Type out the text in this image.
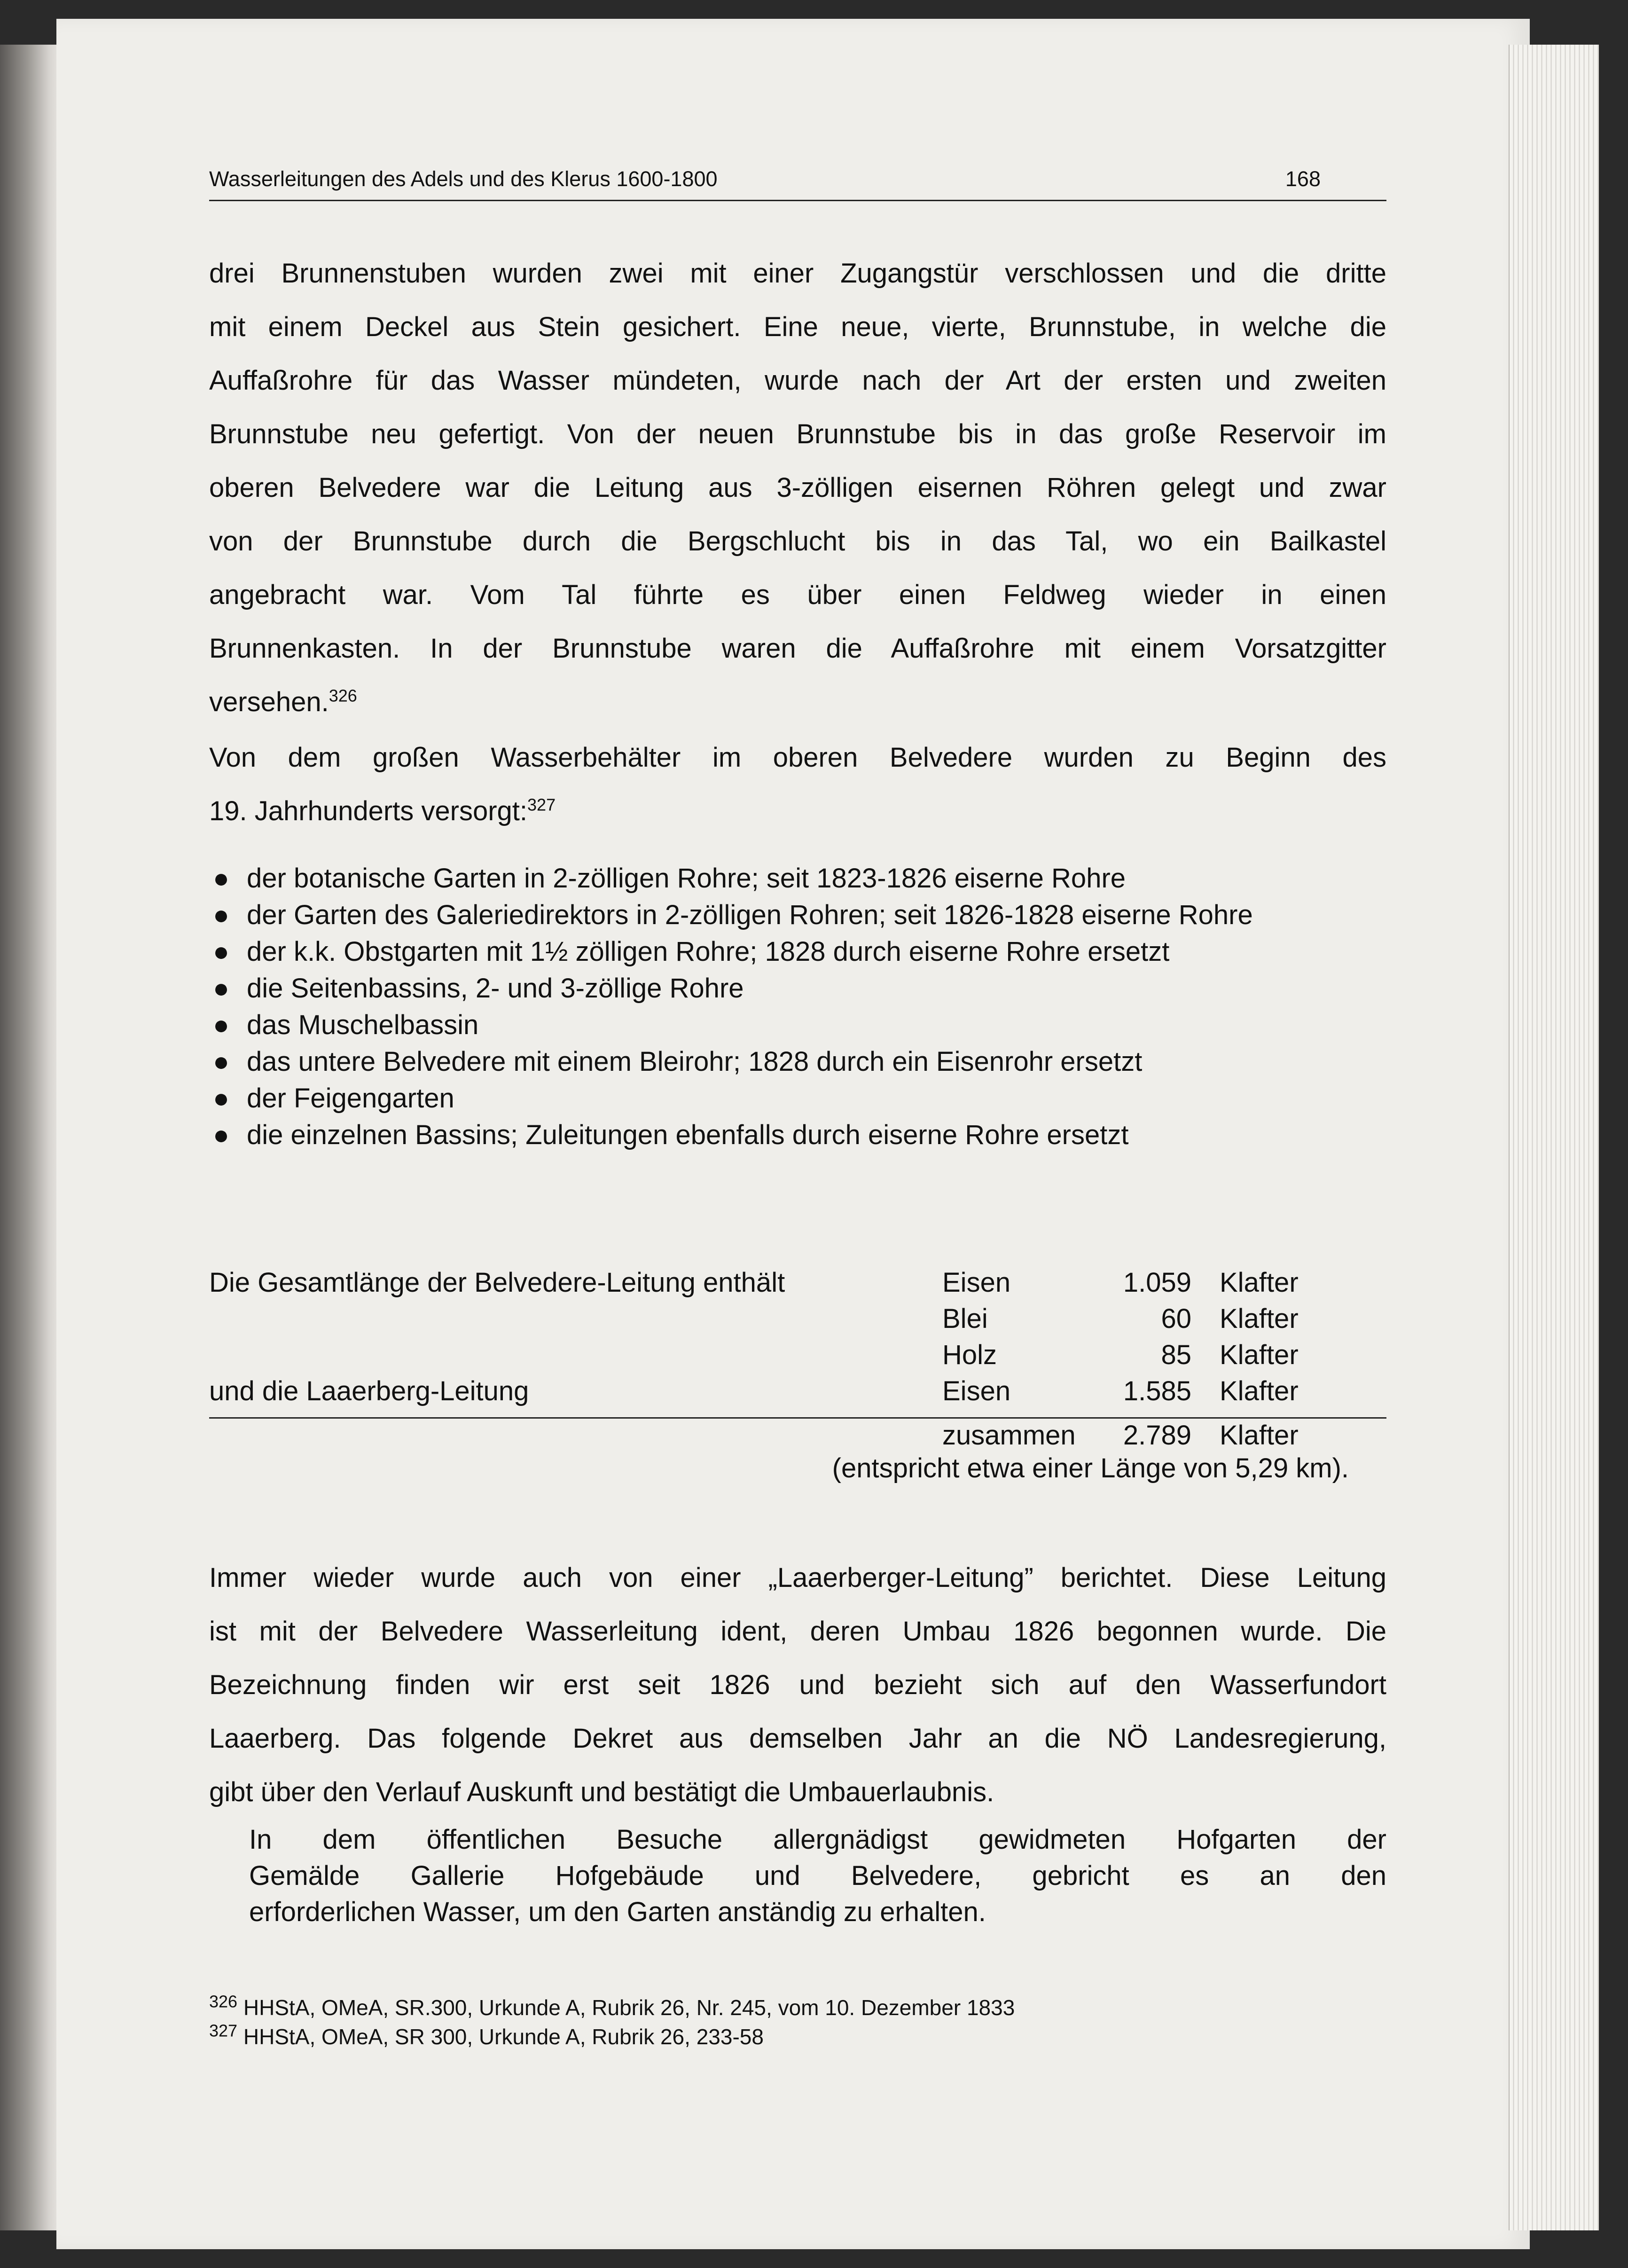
Wasserleitungen des Adels und des Klerus 1600-1800	168
drei Brunnenstuben wurden zwei mit einer Zugangstür verschlossen und die dritte
mit einem Deckel aus Stein gesichert. Eine neue, vierte, Brunnstube, in welche die
Auffaßrohre für das Wasser mündeten, wurde nach der Art der ersten und zweiten
Brunnstube neu gefertigt. Von der neuen Brunnstube bis in das große Reservoir im
oberen Belvedere war die Leitung aus 3-zölligen eisernen Röhren gelegt und zwar
von der Brunnstube durch die Bergschlucht bis in das Tal, wo ein Bailkastel
angebracht war. Vom Tal führte es über einen Feldweg wieder in einen
Brunnenkasten. In der Brunnstube waren die Auffaßrohre mit einem Vorsatzgitter
versehen.$^{326}$
Von dem großen Wasserbehälter im oberen Belvedere wurden zu Beginn des
19. Jahrhunderts versorgt:$^{327}$
● der botanische Garten in 2-zölligen Rohre; seit 1823-1826 eiserne Rohre
● der Garten des Galeriedirektors in 2-zölligen Rohren; seit 1826-1828 eiserne Rohre
● der k.k. Obstgarten mit 1½ zölligen Rohre; 1828 durch eiserne Rohre ersetzt
● die Seitenbassins, 2- und 3-zöllige Rohre
● das Muschelbassin
● das untere Belvedere mit einem Bleirohr; 1828 durch ein Eisenrohr ersetzt
● der Feigengarten
● die einzelnen Bassins; Zuleitungen ebenfalls durch eiserne Rohre ersetzt
Die Gesamtlänge der Belvedere-Leitung enthält	Eisen	1.059 Klafter
Blei	60 Klafter
Holz	85 Klafter
und die Laaerberg-Leitung	Eisen	1.585 Klafter
zusammen 2.789 Klafter
(entspricht etwa einer Länge von 5,29 km).
Immer wieder wurde auch von einer „Laaerberger-Leitung” berichtet. Diese Leitung
ist mit der Belvedere Wasserleitung ident, deren Umbau 1826 begonnen wurde. Die
Bezeichnung finden wir erst seit 1826 und bezieht sich auf den Wasserfundort
Laaerberg. Das folgende Dekret aus demselben Jahr an die NÖ Landesregierung,
gibt über den Verlauf Auskunft und bestätigt die Umbauerlaubnis.
In dem öffentlichen Besuche allergnädigst gewidmeten Hofgarten der
Gemälde Gallerie Hofgebäude und Belvedere, gebricht es an den
erforderlichen Wasser, um den Garten anständig zu erhalten.
$^{326}$ HHStA, OMeA, SR.300, Urkunde A, Rubrik 26, Nr. 245, vom 10. Dezember 1833
$^{327}$ HHStA, OMeA, SR 300, Urkunde A, Rubrik 26, 233-58
